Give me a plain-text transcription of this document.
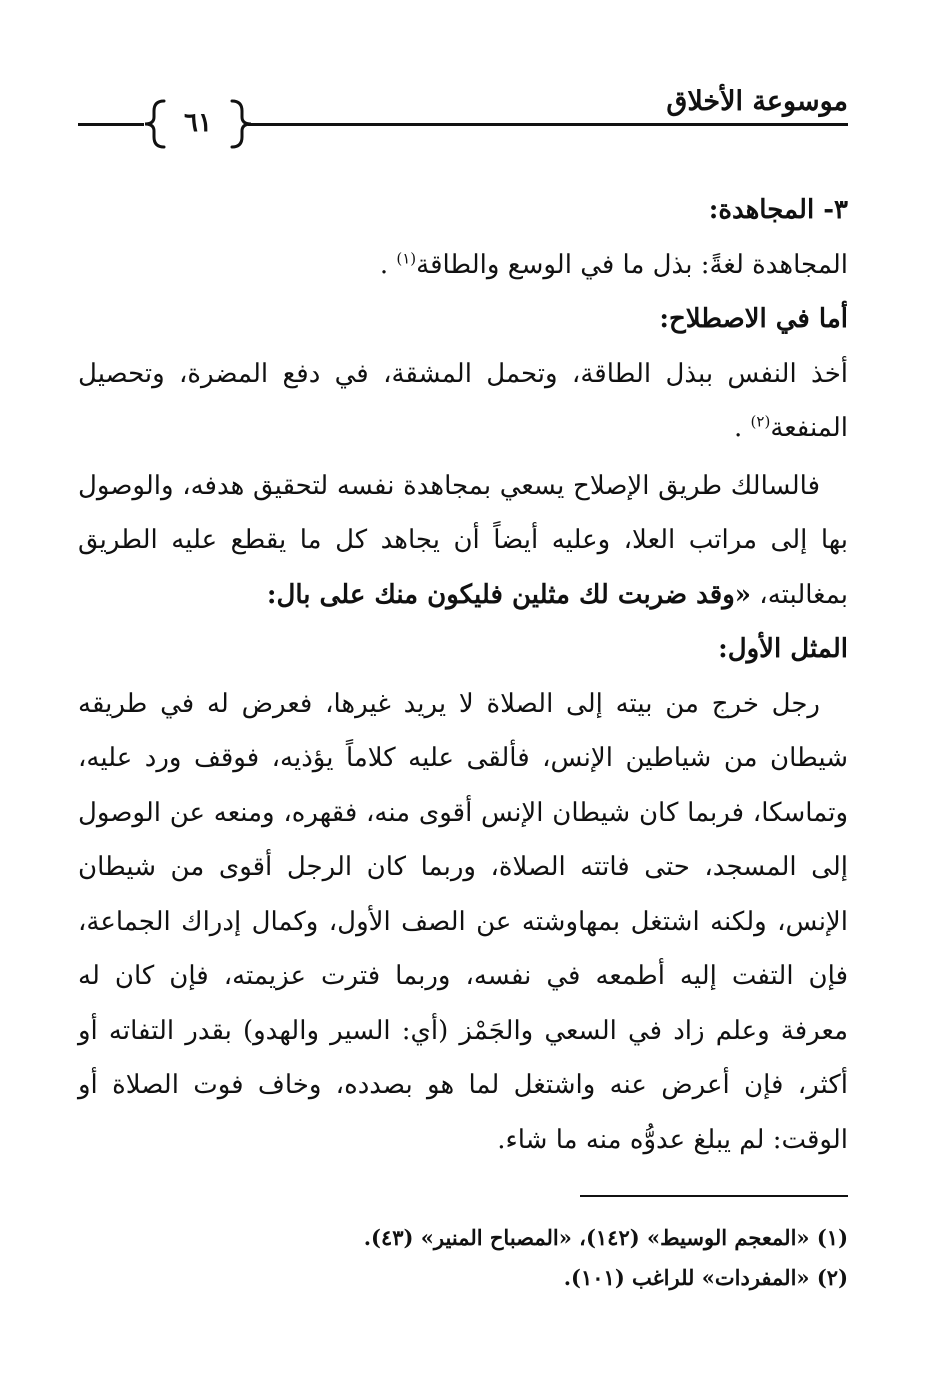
موسوعة الأخلاق
٦١

٣- المجاهدة:

المجاهدة لغةً: بذل ما في الوسع والطاقة$^{(١)}$ .

أما في الاصطلاح:

أخذ النفس ببذل الطاقة، وتحمل المشقة، في دفع المضرة، وتحصيل المنفعة$^{(٢)}$ .

فالسالك طريق الإصلاح يسعي بمجاهدة نفسه لتحقيق هدفه، والوصول بها إلى مراتب العلا، وعليه أيضاً أن يجاهد كل ما يقطع عليه الطريق بمغالبته، «وقد ضربت لك مثلين فليكون منك على بال:

المثل الأول:

رجل خرج من بيته إلى الصلاة لا يريد غيرها، فعرض له في طريقه شيطان من شياطين الإنس، فألقى عليه كلاماً يؤذيه، فوقف ورد عليه، وتماسكا، فربما كان شيطان الإنس أقوى منه، فقهره، ومنعه عن الوصول إلى المسجد، حتى فاتته الصلاة، وربما كان الرجل أقوى من شيطان الإنس، ولكنه اشتغل بمهاوشته عن الصف الأول، وكمال إدراك الجماعة، فإن التفت إليه أطمعه في نفسه، وربما فترت عزيمته، فإن كان له معرفة وعلم زاد في السعي والجَمْز (أي: السير والهدو) بقدر التفاته أو أكثر، فإن أعرض عنه واشتغل لما هو بصدده، وخاف فوت الصلاة أو الوقت: لم يبلغ عدوُّه منه ما شاء.

(١) «المعجم الوسيط» (١٤٢)، «المصباح المنير» (٤٣).

(٢) «المفردات» للراغب (١٠١).
